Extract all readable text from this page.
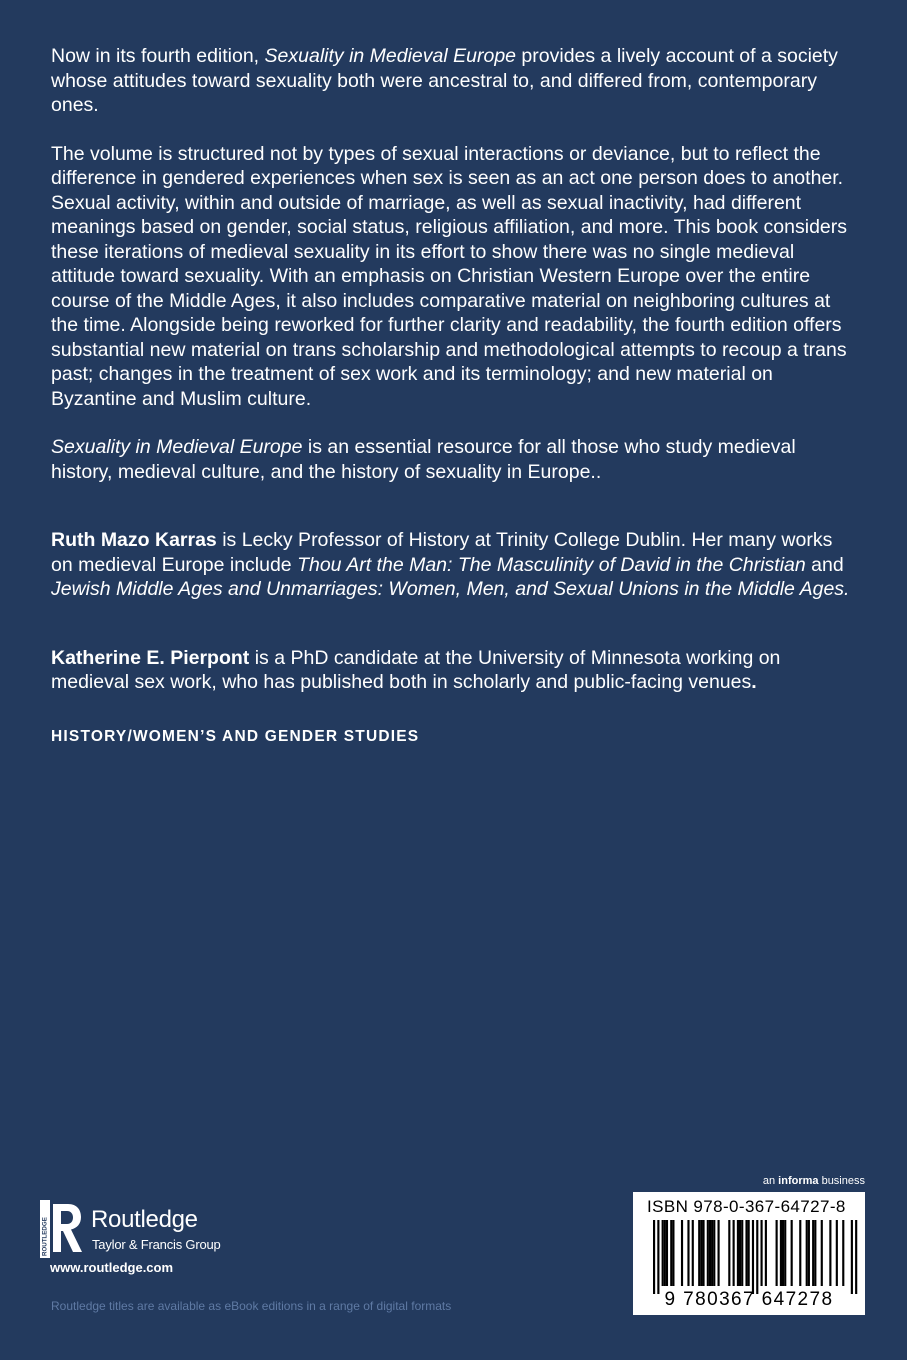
Now in its fourth edition, Sexuality in Medieval Europe provides a lively account of a society whose attitudes toward sexuality both were ancestral to, and differed from, contemporary ones.

The volume is structured not by types of sexual interactions or deviance, but to reflect the difference in gendered experiences when sex is seen as an act one person does to another. Sexual activity, within and outside of marriage, as well as sexual inactivity, had different meanings based on gender, social status, religious affiliation, and more. This book considers these iterations of medieval sexuality in its effort to show there was no single medieval attitude toward sexuality. With an emphasis on Christian Western Europe over the entire course of the Middle Ages, it also includes comparative material on neighboring cultures at the time. Alongside being reworked for further clarity and readability, the fourth edition offers substantial new material on trans scholarship and methodological attempts to recoup a trans past; changes in the treatment of sex work and its terminology; and new material on Byzantine and Muslim culture.

Sexuality in Medieval Europe is an essential resource for all those who study medieval history, medieval culture, and the history of sexuality in Europe..

Ruth Mazo Karras is Lecky Professor of History at Trinity College Dublin. Her many works on medieval Europe include Thou Art the Man: The Masculinity of David in the Christian and Jewish Middle Ages and Unmarriages: Women, Men, and Sexual Unions in the Middle Ages.

Katherine E. Pierpont is a PhD candidate at the University of Minnesota working on medieval sex work, who has published both in scholarly and public-facing venues.

HISTORY/WOMEN’S AND GENDER STUDIES
ROUTLEDGE Routledge
Taylor & Francis Group
www.routledge.com
Routledge titles are available as eBook editions in a range of digital formats
an informa business
ISBN 978-0-367-64727-8
9 780367 647278
